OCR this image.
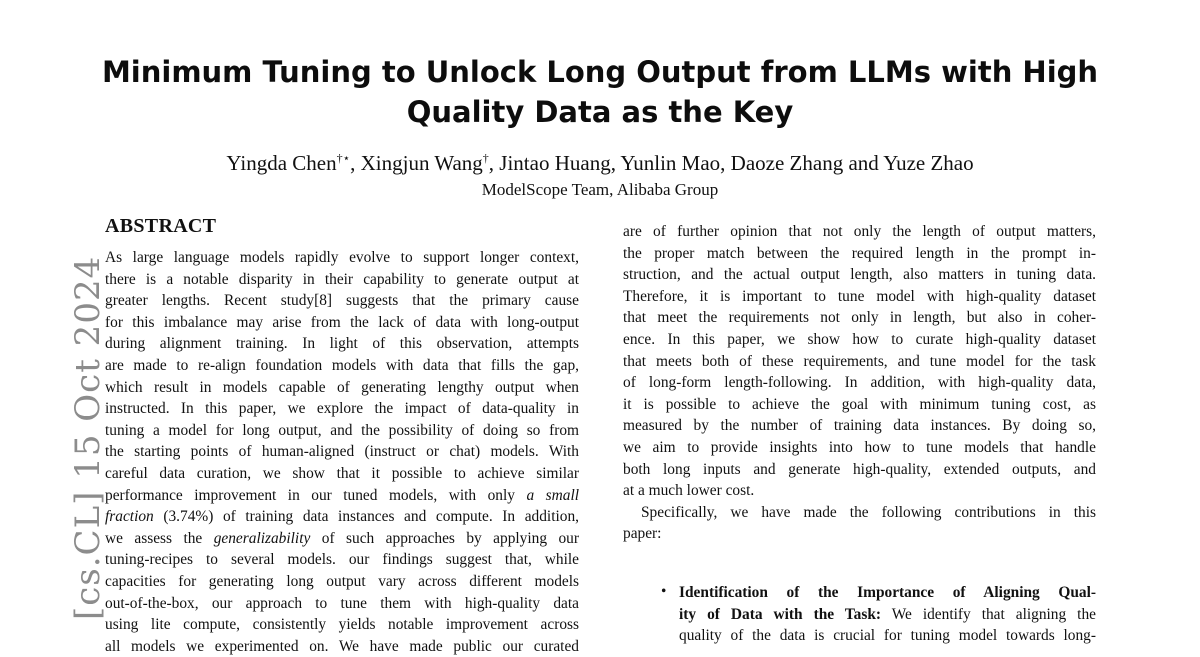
Minimum Tuning to Unlock Long Output from LLMs with High
Quality Data as the Key
Yingda Chen†⋆, Xingjun Wang†, Jintao Huang, Yunlin Mao, Daoze Zhang and Yuze Zhao
ModelScope Team, Alibaba Group
[cs.CL] 15 Oct 2024
ABSTRACT
As large language models rapidly evolve to support longer context,
there is a notable disparity in their capability to generate output at
greater lengths. Recent study[8] suggests that the primary cause
for this imbalance may arise from the lack of data with long-output
during alignment training. In light of this observation, attempts
are made to re-align foundation models with data that fills the gap,
which result in models capable of generating lengthy output when
instructed. In this paper, we explore the impact of data-quality in
tuning a model for long output, and the possibility of doing so from
the starting points of human-aligned (instruct or chat) models. With
careful data curation, we show that it possible to achieve similar
performance improvement in our tuned models, with only a small
fraction (3.74%) of training data instances and compute. In addition,
we assess the generalizability of such approaches by applying our
tuning-recipes to several models. our findings suggest that, while
capacities for generating long output vary across different models
out-of-the-box, our approach to tune them with high-quality data
using lite compute, consistently yields notable improvement across
all models we experimented on. We have made public our curated
are of further opinion that not only the length of output matters,
the proper match between the required length in the prompt in-
struction, and the actual output length, also matters in tuning data.
Therefore, it is important to tune model with high-quality dataset
that meet the requirements not only in length, but also in coher-
ence. In this paper, we show how to curate high-quality dataset
that meets both of these requirements, and tune model for the task
of long-form length-following. In addition, with high-quality data,
it is possible to achieve the goal with minimum tuning cost, as
measured by the number of training data instances. By doing so,
we aim to provide insights into how to tune models that handle
both long inputs and generate high-quality, extended outputs, and
at a much lower cost.
Specifically, we have made the following contributions in this
paper:
• Identification of the Importance of Aligning Qual-
ity of Data with the Task: We identify that aligning the
quality of the data is crucial for tuning model towards long-
